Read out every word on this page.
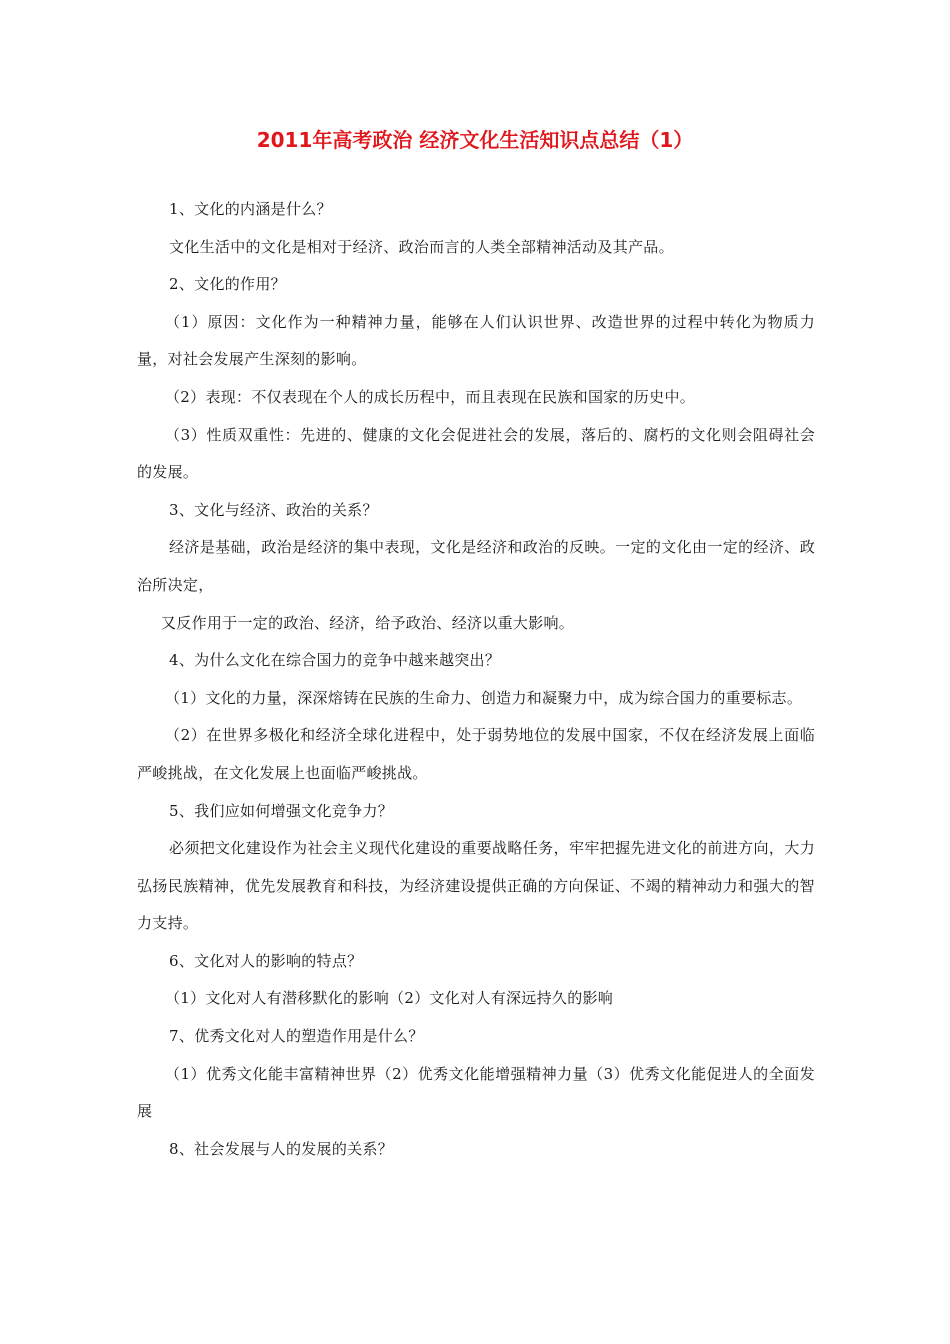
2011年高考政治 经济文化生活知识点总结（1）

1、文化的内涵是什么？

文化生活中的文化是相对于经济、政治而言的人类全部精神活动及其产品。

2、文化的作用？

（1）原因：文化作为一种精神力量，能够在人们认识世界、改造世界的过程中转化为物质力量，对社会发展产生深刻的影响。

（2）表现：不仅表现在个人的成长历程中，而且表现在民族和国家的历史中。

（3）性质双重性：先进的、健康的文化会促进社会的发展，落后的、腐朽的文化则会阻碍社会的发展。

3、文化与经济、政治的关系？

经济是基础，政治是经济的集中表现，文化是经济和政治的反映。一定的文化由一定的经济、政治所决定，

又反作用于一定的政治、经济，给予政治、经济以重大影响。

4、为什么文化在综合国力的竞争中越来越突出？

（1）文化的力量，深深熔铸在民族的生命力、创造力和凝聚力中，成为综合国力的重要标志。

（2）在世界多极化和经济全球化进程中，处于弱势地位的发展中国家，不仅在经济发展上面临严峻挑战，在文化发展上也面临严峻挑战。

5、我们应如何增强文化竞争力？

必须把文化建设作为社会主义现代化建设的重要战略任务，牢牢把握先进文化的前进方向，大力弘扬民族精神，优先发展教育和科技，为经济建设提供正确的方向保证、不竭的精神动力和强大的智力支持。

6、文化对人的影响的特点？

（1）文化对人有潜移默化的影响（2）文化对人有深远持久的影响

7、优秀文化对人的塑造作用是什么？

（1）优秀文化能丰富精神世界（2）优秀文化能增强精神力量（3）优秀文化能促进人的全面发展

8、社会发展与人的发展的关系？
